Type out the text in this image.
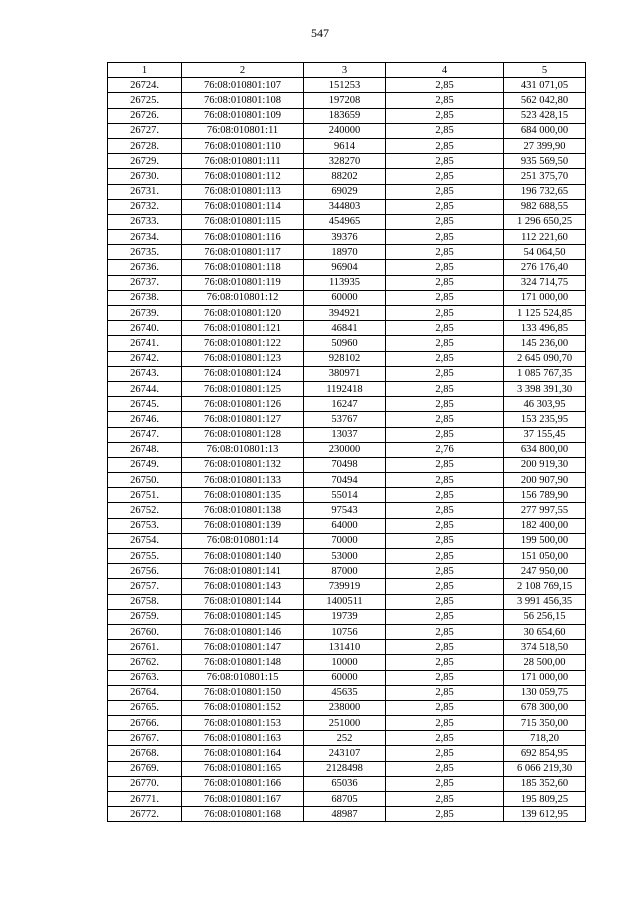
547
1	2	3	4	5
26724.	76:08:010801:107	151253	2,85	431 071,05
26725.	76:08:010801:108	197208	2,85	562 042,80
26726.	76:08:010801:109	183659	2,85	523 428,15
26727.	76:08:010801:11	240000	2,85	684 000,00
26728.	76:08:010801:110	9614	2,85	27 399,90
26729.	76:08:010801:111	328270	2,85	935 569,50
26730.	76:08:010801:112	88202	2,85	251 375,70
26731.	76:08:010801:113	69029	2,85	196 732,65
26732.	76:08:010801:114	344803	2,85	982 688,55
26733.	76:08:010801:115	454965	2,85	1 296 650,25
26734.	76:08:010801:116	39376	2,85	112 221,60
26735.	76:08:010801:117	18970	2,85	54 064,50
26736.	76:08:010801:118	96904	2,85	276 176,40
26737.	76:08:010801:119	113935	2,85	324 714,75
26738.	76:08:010801:12	60000	2,85	171 000,00
26739.	76:08:010801:120	394921	2,85	1 125 524,85
26740.	76:08:010801:121	46841	2,85	133 496,85
26741.	76:08:010801:122	50960	2,85	145 236,00
26742.	76:08:010801:123	928102	2,85	2 645 090,70
26743.	76:08:010801:124	380971	2,85	1 085 767,35
26744.	76:08:010801:125	1192418	2,85	3 398 391,30
26745.	76:08:010801:126	16247	2,85	46 303,95
26746.	76:08:010801:127	53767	2,85	153 235,95
26747.	76:08:010801:128	13037	2,85	37 155,45
26748.	76:08:010801:13	230000	2,76	634 800,00
26749.	76:08:010801:132	70498	2,85	200 919,30
26750.	76:08:010801:133	70494	2,85	200 907,90
26751.	76:08:010801:135	55014	2,85	156 789,90
26752.	76:08:010801:138	97543	2,85	277 997,55
26753.	76:08:010801:139	64000	2,85	182 400,00
26754.	76:08:010801:14	70000	2,85	199 500,00
26755.	76:08:010801:140	53000	2,85	151 050,00
26756.	76:08:010801:141	87000	2,85	247 950,00
26757.	76:08:010801:143	739919	2,85	2 108 769,15
26758.	76:08:010801:144	1400511	2,85	3 991 456,35
26759.	76:08:010801:145	19739	2,85	56 256,15
26760.	76:08:010801:146	10756	2,85	30 654,60
26761.	76:08:010801:147	131410	2,85	374 518,50
26762.	76:08:010801:148	10000	2,85	28 500,00
26763.	76:08:010801:15	60000	2,85	171 000,00
26764.	76:08:010801:150	45635	2,85	130 059,75
26765.	76:08:010801:152	238000	2,85	678 300,00
26766.	76:08:010801:153	251000	2,85	715 350,00
26767.	76:08:010801:163	252	2,85	718,20
26768.	76:08:010801:164	243107	2,85	692 854,95
26769.	76:08:010801:165	2128498	2,85	6 066 219,30
26770.	76:08:010801:166	65036	2,85	185 352,60
26771.	76:08:010801:167	68705	2,85	195 809,25
26772.	76:08:010801:168	48987	2,85	139 612,95
